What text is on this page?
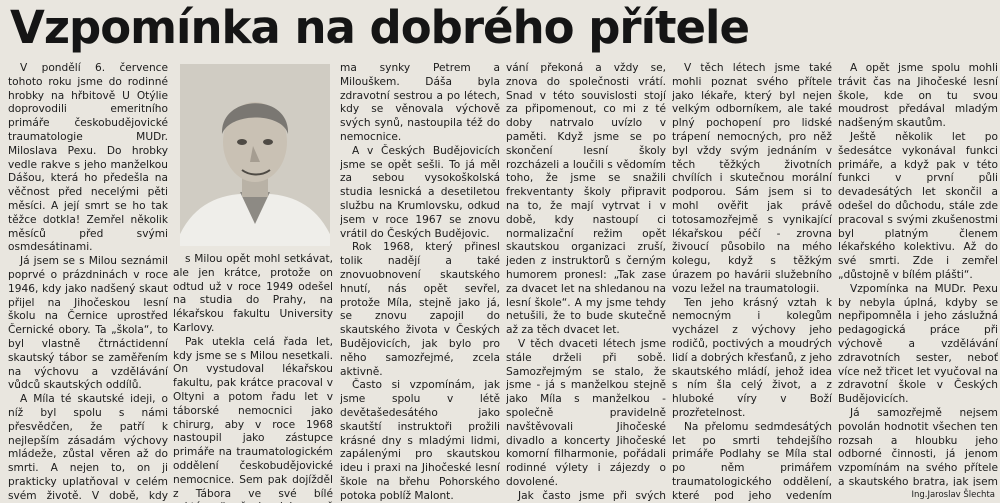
Vzpomínka na dobrého přítele

V pondělí 6. července tohoto roku jsme do rodinné hrobky na hřbitově U Otýlie doprovodili emeritního primáře českobudějovické traumatologie MUDr. Miloslava Pexu. Do hrobky vedle rakve s jeho manželkou Dášou, která ho předešla na věčnost před necelými pěti měsíci. A její smrt se ho tak těžce dotkla! Zemřel několik měsíců před svými osmdesátinami.

Já jsem se s Milou seznámil poprvé o prázdninách v roce 1946, kdy jako nadšený skaut přijel na Jihočeskou lesní školu na Černice uprostřed Černické obory. Ta „škola“, to byl vlastně čtrnáctidenní skautský tábor se zaměřením na výchovu a vzdělávání vůdců skautských oddílů.

A Míla té skautské ideji, o níž byl spolu s námi přesvědčen, že patří k nejlepším zásadám výchovy mládeže, zůstal věren až do smrti. A nejen to, on ji prakticky uplatňoval v celém svém životě. V době, kdy

s Milou opět mohl setkávat, ale jen krátce, protože on odtud už v roce 1949 odešel na studia do Prahy, na lékařskou fakultu University Karlovy.

Pak utekla celá řada let, kdy jsme se s Milou nesetkali. On vystudoval lékařskou fakultu, pak krátce pracoval v Oltyni a potom řadu let v táborské nemocnici jako chirurg, aby v roce 1968 nastoupil jako zástupce primáře na traumatologickém oddělení českobudějovické nemocnice. Sem pak dojížděl z Tábora ve své bílé

ma synky Petrem a Milouškem. Dáša byla zdravotní sestrou a po létech, kdy se věnovala výchově svých synů, nastoupila též do nemocnice.

A v Českých Budějovicích jsme se opět sešli. To já měl za sebou vysokoškolská studia lesnická a desetiletou službu na Krumlovsku, odkud jsem v roce 1967 se znovu vrátil do Českých Budějovic.

Rok 1968, který přinesl tolik nadějí a také znovuobnovení skautského hnutí, nás opět sevřel, protože Míla, stejně jako já, se znovu zapojil do skautského života v Českých Budějovicích, jak bylo pro něho samozřejmé, zcela aktivně.

Často si vzpomínám, jak jsme spolu v létě devětašedesátého jako skautští instruktoři prožili krásné dny s mladými lidmi, zapálenými pro skautskou ideu i praxi na Jihočeské lesní škole na břehu Pohorského potoka poblíž Malont.

vání překoná a vždy se, znova do společnosti vrátí. Snad v této souvislosti stojí za připomenout, co mi z té doby natrvalo uvízlo v paměti. Když jsme se po skončení lesní školy rozcházeli a loučili s vědomím toho, že jsme se snažili frekventanty školy připravit na to, že mají vytrvat i v době, kdy nastoupí ci normalizační režim opět skautskou organizaci zruší, jeden z instruktorů s černým humorem pronesl: „Tak zase za dvacet let na shledanou na lesní škole“. A my jsme tehdy netušili, že to bude skutečně až za těch dvacet let.

V těch dvaceti létech jsme stále drželi při sobě. Samozřejmým se stalo, že jsme - já s manželkou stejně jako Míla s manželkou - společně pravidelně navštěvovali Jihočeské divadlo a koncerty Jihočeské komorní filharmonie, pořádali rodinné výlety i zájezdy o dovolené.

Jak často jsme při svých

V těch létech jsme také mohli poznat svého přítele jako lékaře, který byl nejen velkým odborníkem, ale také plný pochopení pro lidské trápení nemocných, pro něž byl vždy svým jednáním v těch těžkých životních chvílích i skutečnou morální podporou. Sám jsem si to mohl ověřit jak právě totosamozřejmě s vynikající lékařskou péčí - zrovna živoucí působilo na mého kolegu, když s těžkým úrazem po havárii služebního vozu ležel na traumatologii.

Ten jeho krásný vztah k nemocným i kolegům vycházel z výchovy jeho rodičů, poctivých a moudrých lidí a dobrých křesťanů, z jeho skautského mládí, jehož idea s ním šla celý život, a z hluboké víry v Boží prozřetelnost.

Na přelomu sedmdesátých let po smrti tehdejšího primáře Podlahy se Míla stal po něm primářem traumatologického oddělení, které pod jeho vedením

A opět jsme spolu mohli trávit čas na Jihočeské lesní škole, kde on tu svou moudrost předával mladým nadšeným skautům.

Ještě několik let po šedesátce vykonával funkci primáře, a když pak v této funkci v první půli devadesátých let skončil a odešel do důchodu, stále zde pracoval s svými zkušenostmi byl platným členem lékařského kolektivu. Až do své smrti. Zde i zemřel „důstojně v bílém plášti“.

Vzpomínka na MUDr. Pexu by nebyla úplná, kdyby se nepřipomněla i jeho záslužná pedagogická práce při výchově a vzdělávání zdravotních sester, neboť více než třicet let vyučoval na zdravotní škole v Českých Budějovicích.

Já samozřejmě nejsem povolán hodnotit všechen ten rozsah a hloubku jeho odborné činnosti, já jenom vzpomínám na svého přítele a skautského bratra, jak jsem

Ing.Jaroslav Šlechta
